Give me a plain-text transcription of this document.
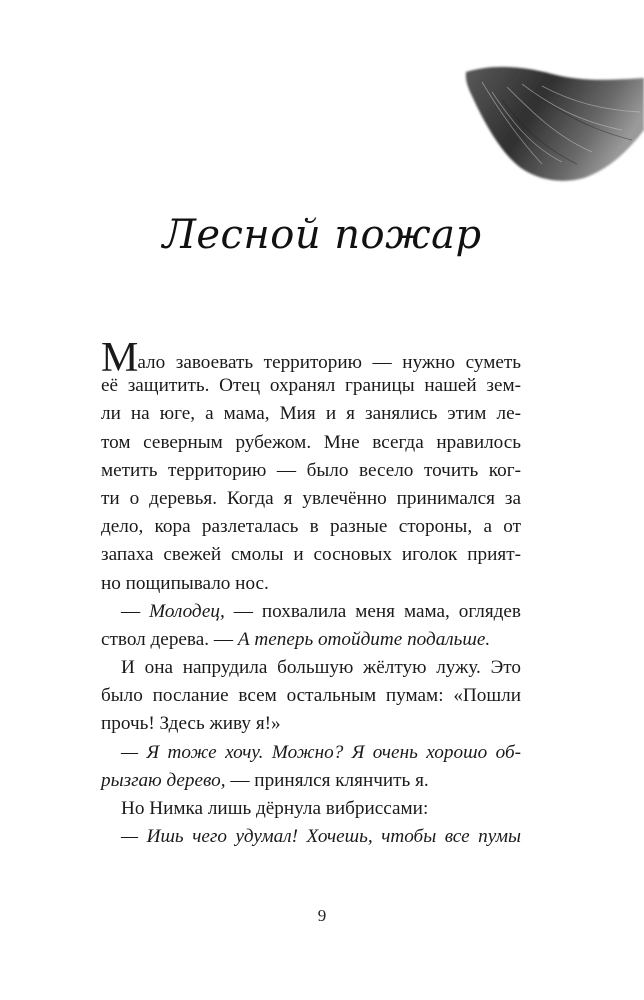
Лесной пожар
Мало завоевать территорию — нужно суметь
её защитить. Отец охранял границы нашей зем-
ли на юге, а мама, Мия и я занялись этим ле-
том северным рубежом. Мне всегда нравилось
метить территорию — было весело точить ког-
ти о деревья. Когда я увлечённо принимался за
дело, кора разлеталась в разные стороны, а от
запаха свежей смолы и сосновых иголок прият-
но пощипывало нос.
— Молодец, — похвалила меня мама, оглядев
ствол дерева. — А теперь отойдите подальше.
И она напрудила большую жёлтую лужу. Это
было послание всем остальным пумам: «Пошли
прочь! Здесь живу я!»
— Я тоже хочу. Можно? Я очень хорошо об-
рызгаю дерево, — принялся клянчить я.
Но Нимка лишь дёрнула вибриссами:
— Ишь чего удумал! Хочешь, чтобы все пумы
9
